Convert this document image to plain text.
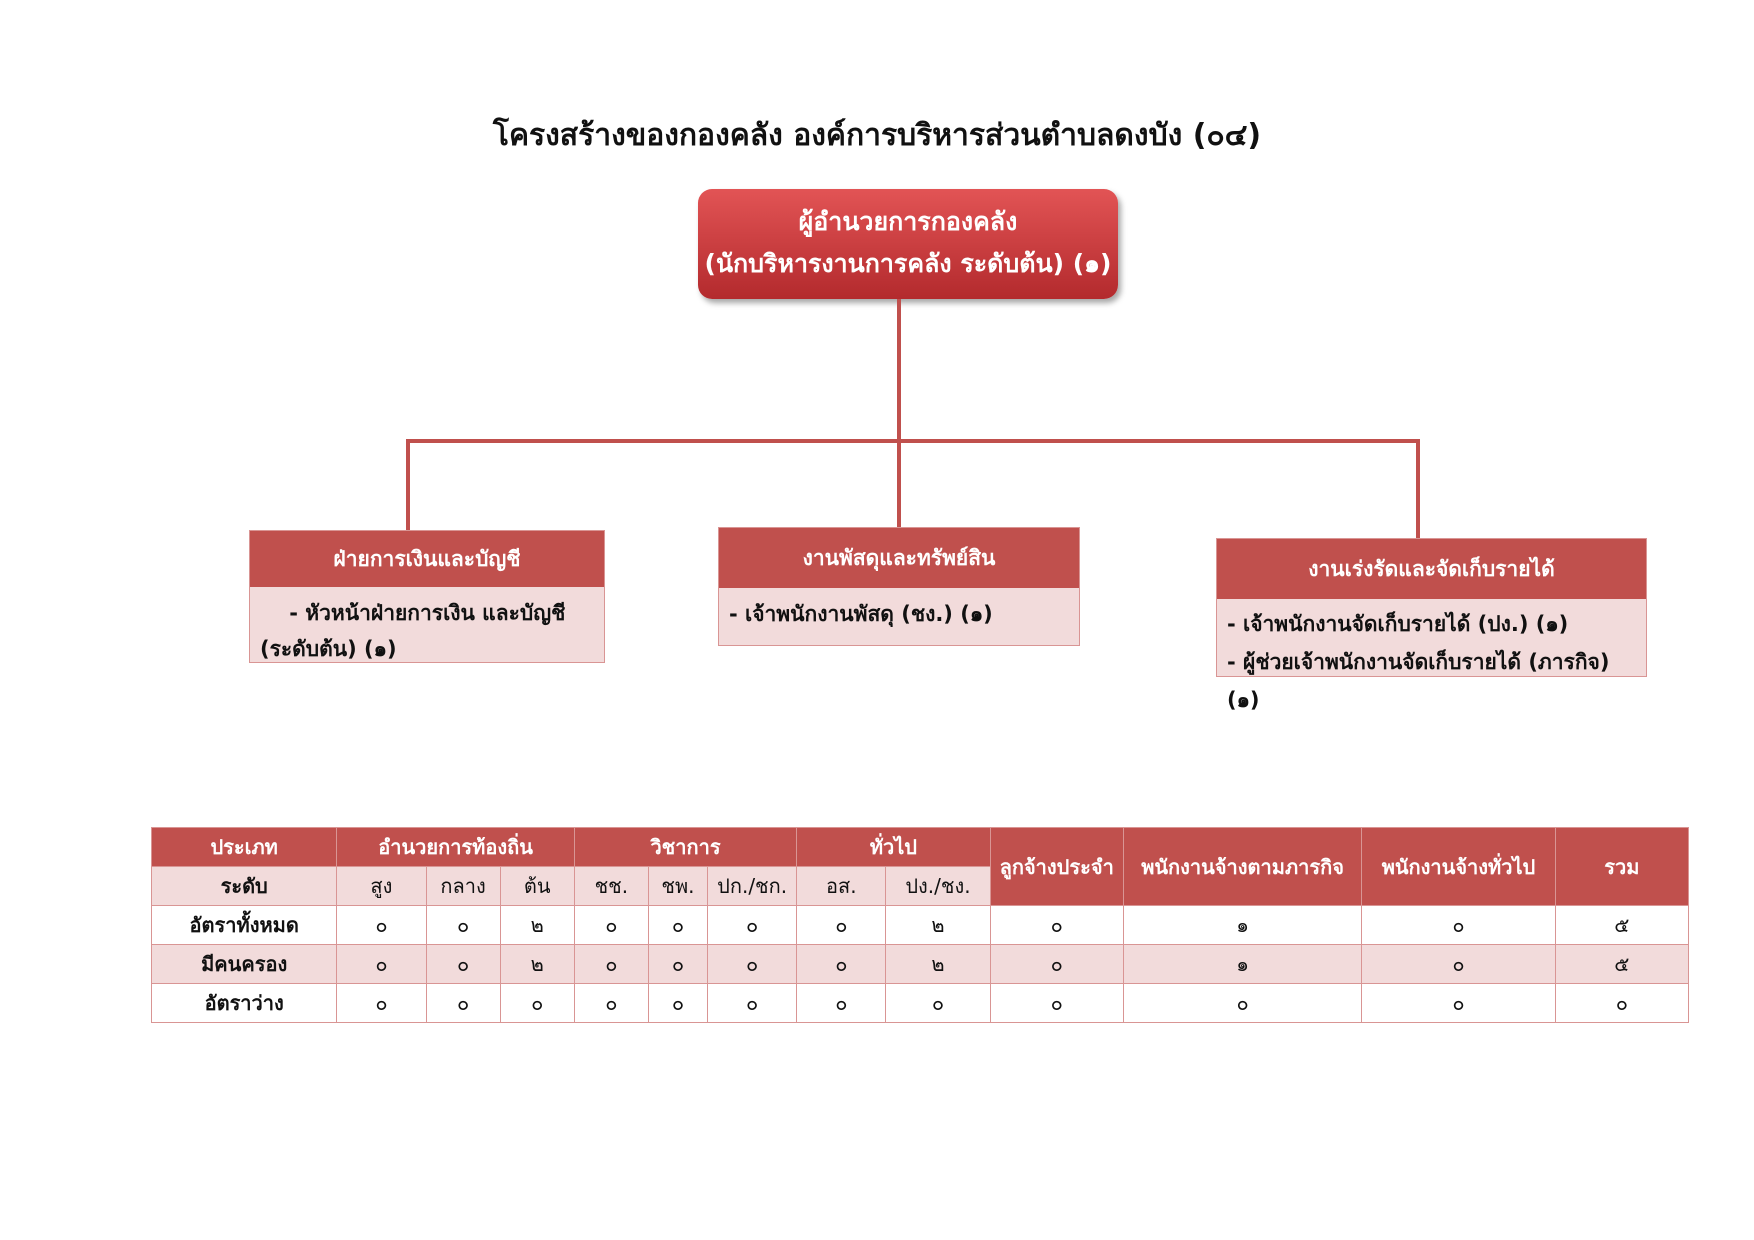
โครงสร้างของกองคลัง องค์การบริหารส่วนตำบลดงบัง (๐๔)
ผู้อำนวยการกองคลัง
(นักบริหารงานการคลัง ระดับต้น) (๑)
ฝ่ายการเงินและบัญชี
- หัวหน้าฝ่ายการเงิน และบัญชี
(ระดับต้น) (๑)
งานพัสดุและทรัพย์สิน
- เจ้าพนักงานพัสดุ (ชง.) (๑)
งานเร่งรัดและจัดเก็บรายได้
- เจ้าพนักงานจัดเก็บรายได้ (ปง.) (๑)
- ผู้ช่วยเจ้าพนักงานจัดเก็บรายได้ (ภารกิจ) (๑)
ประเภท	อำนวยการท้องถิ่น			วิชาการ			ทั่วไป		ลูกจ้างประจำ	พนักงานจ้างตามภารกิจ	พนักงานจ้างทั่วไป	รวม
ระดับ	สูง	กลาง	ต้น	ชช.	ชพ.	ปก./ชก.	อส.	ปง./ชง.				
อัตราทั้งหมด	๐	๐	๒	๐	๐	๐	๐	๒	๐	๑	๐	๕
มีคนครอง	๐	๐	๒	๐	๐	๐	๐	๒	๐	๑	๐	๕
อัตราว่าง	๐	๐	๐	๐	๐	๐	๐	๐	๐	๐	๐	๐
